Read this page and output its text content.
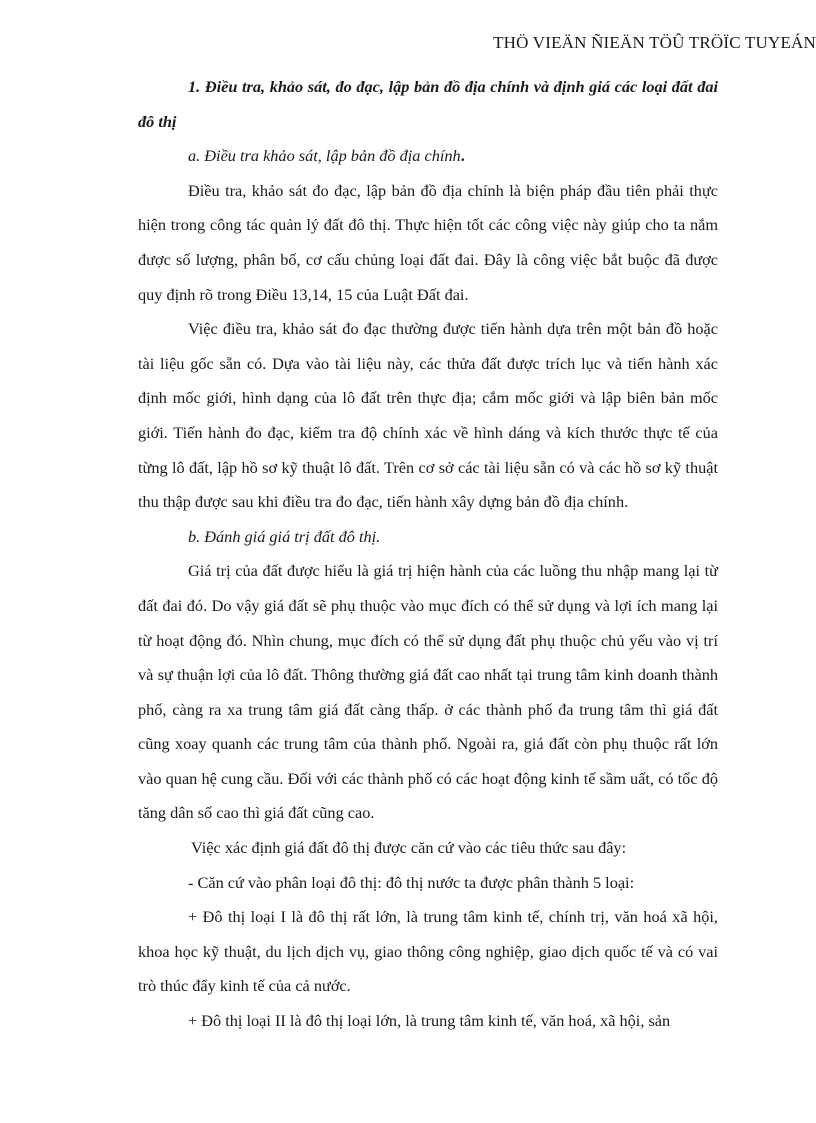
THÖ VIEÄN ÑIEÄN TÖÛ TRÖÏC TUYEÁN

1. Điều tra, khảo sát, đo đạc, lập bản đồ địa chính và định giá các loại đất đai đô thị

a. Điều tra khảo sát, lập bản đồ địa chính.

Điều tra, khảo sát đo đạc, lập bản đồ địa chính là biện pháp đầu tiên phải thực hiện trong công tác quản lý đất đô thị. Thực hiện tốt các công việc này giúp cho ta nắm được số lượng, phân bố, cơ cấu chủng loại đất đai. Đây là công việc bắt buộc đã được quy định rõ trong Điều 13,14, 15 của Luật Đất đai.

Việc điều tra, khảo sát đo đạc thường được tiến hành dựa trên một bản đồ hoặc tài liệu gốc sẵn có. Dựa vào tài liệu này, các thửa đất được trích lục và tiến hành xác định mốc giới, hình dạng của lô đất trên thực địa; cắm mốc giới và lập biên bản mốc giới. Tiến hành đo đạc, kiểm tra độ chính xác về hình dáng và kích thước thực tế của từng lô đất, lập hồ sơ kỹ thuật lô đất. Trên cơ sở các tài liệu sẵn có và các hồ sơ kỹ thuật thu thập được sau khi điều tra đo đạc, tiến hành xây dựng bản đồ địa chính.

b. Đánh giá giá trị đất đô thị.

Giá trị của đất được hiểu là giá trị hiện hành của các luồng thu nhập mang lại từ đất đai đó. Do vậy giá đất sẽ phụ thuộc vào mục đích có thể sử dụng và lợi ích mang lại từ hoạt động đó. Nhìn chung, mục đích có thể sử dụng đất phụ thuộc chủ yếu vào vị trí và sự thuận lợi của lô đất. Thông thường giá đất cao nhất tại trung tâm kinh doanh thành phố, càng ra xa trung tâm giá đất càng thấp. ở các thành phố đa trung tâm thì giá đất cũng xoay quanh các trung tâm của thành phố. Ngoài ra, giá đất còn phụ thuộc rất lớn vào quan hệ cung cầu. Đối với các thành phố có các hoạt động kinh tế sầm uất, có tốc độ tăng dân số cao thì giá đất cũng cao.

Việc xác định giá đất đô thị được căn cứ vào các tiêu thức sau đây:

- Căn cứ vào phân loại đô thị: đô thị nước ta được phân thành 5 loại:

+ Đô thị loại I là đô thị rất lớn, là trung tâm kinh tế, chính trị, văn hoá xã hội, khoa học kỹ thuật, du lịch dịch vụ, giao thông công nghiệp, giao dịch quốc tế và có vai trò thúc đẩy kinh tế của cả nước.

+ Đô thị loại II là đô thị loại lớn, là trung tâm kinh tế, văn hoá, xã hội, sản
